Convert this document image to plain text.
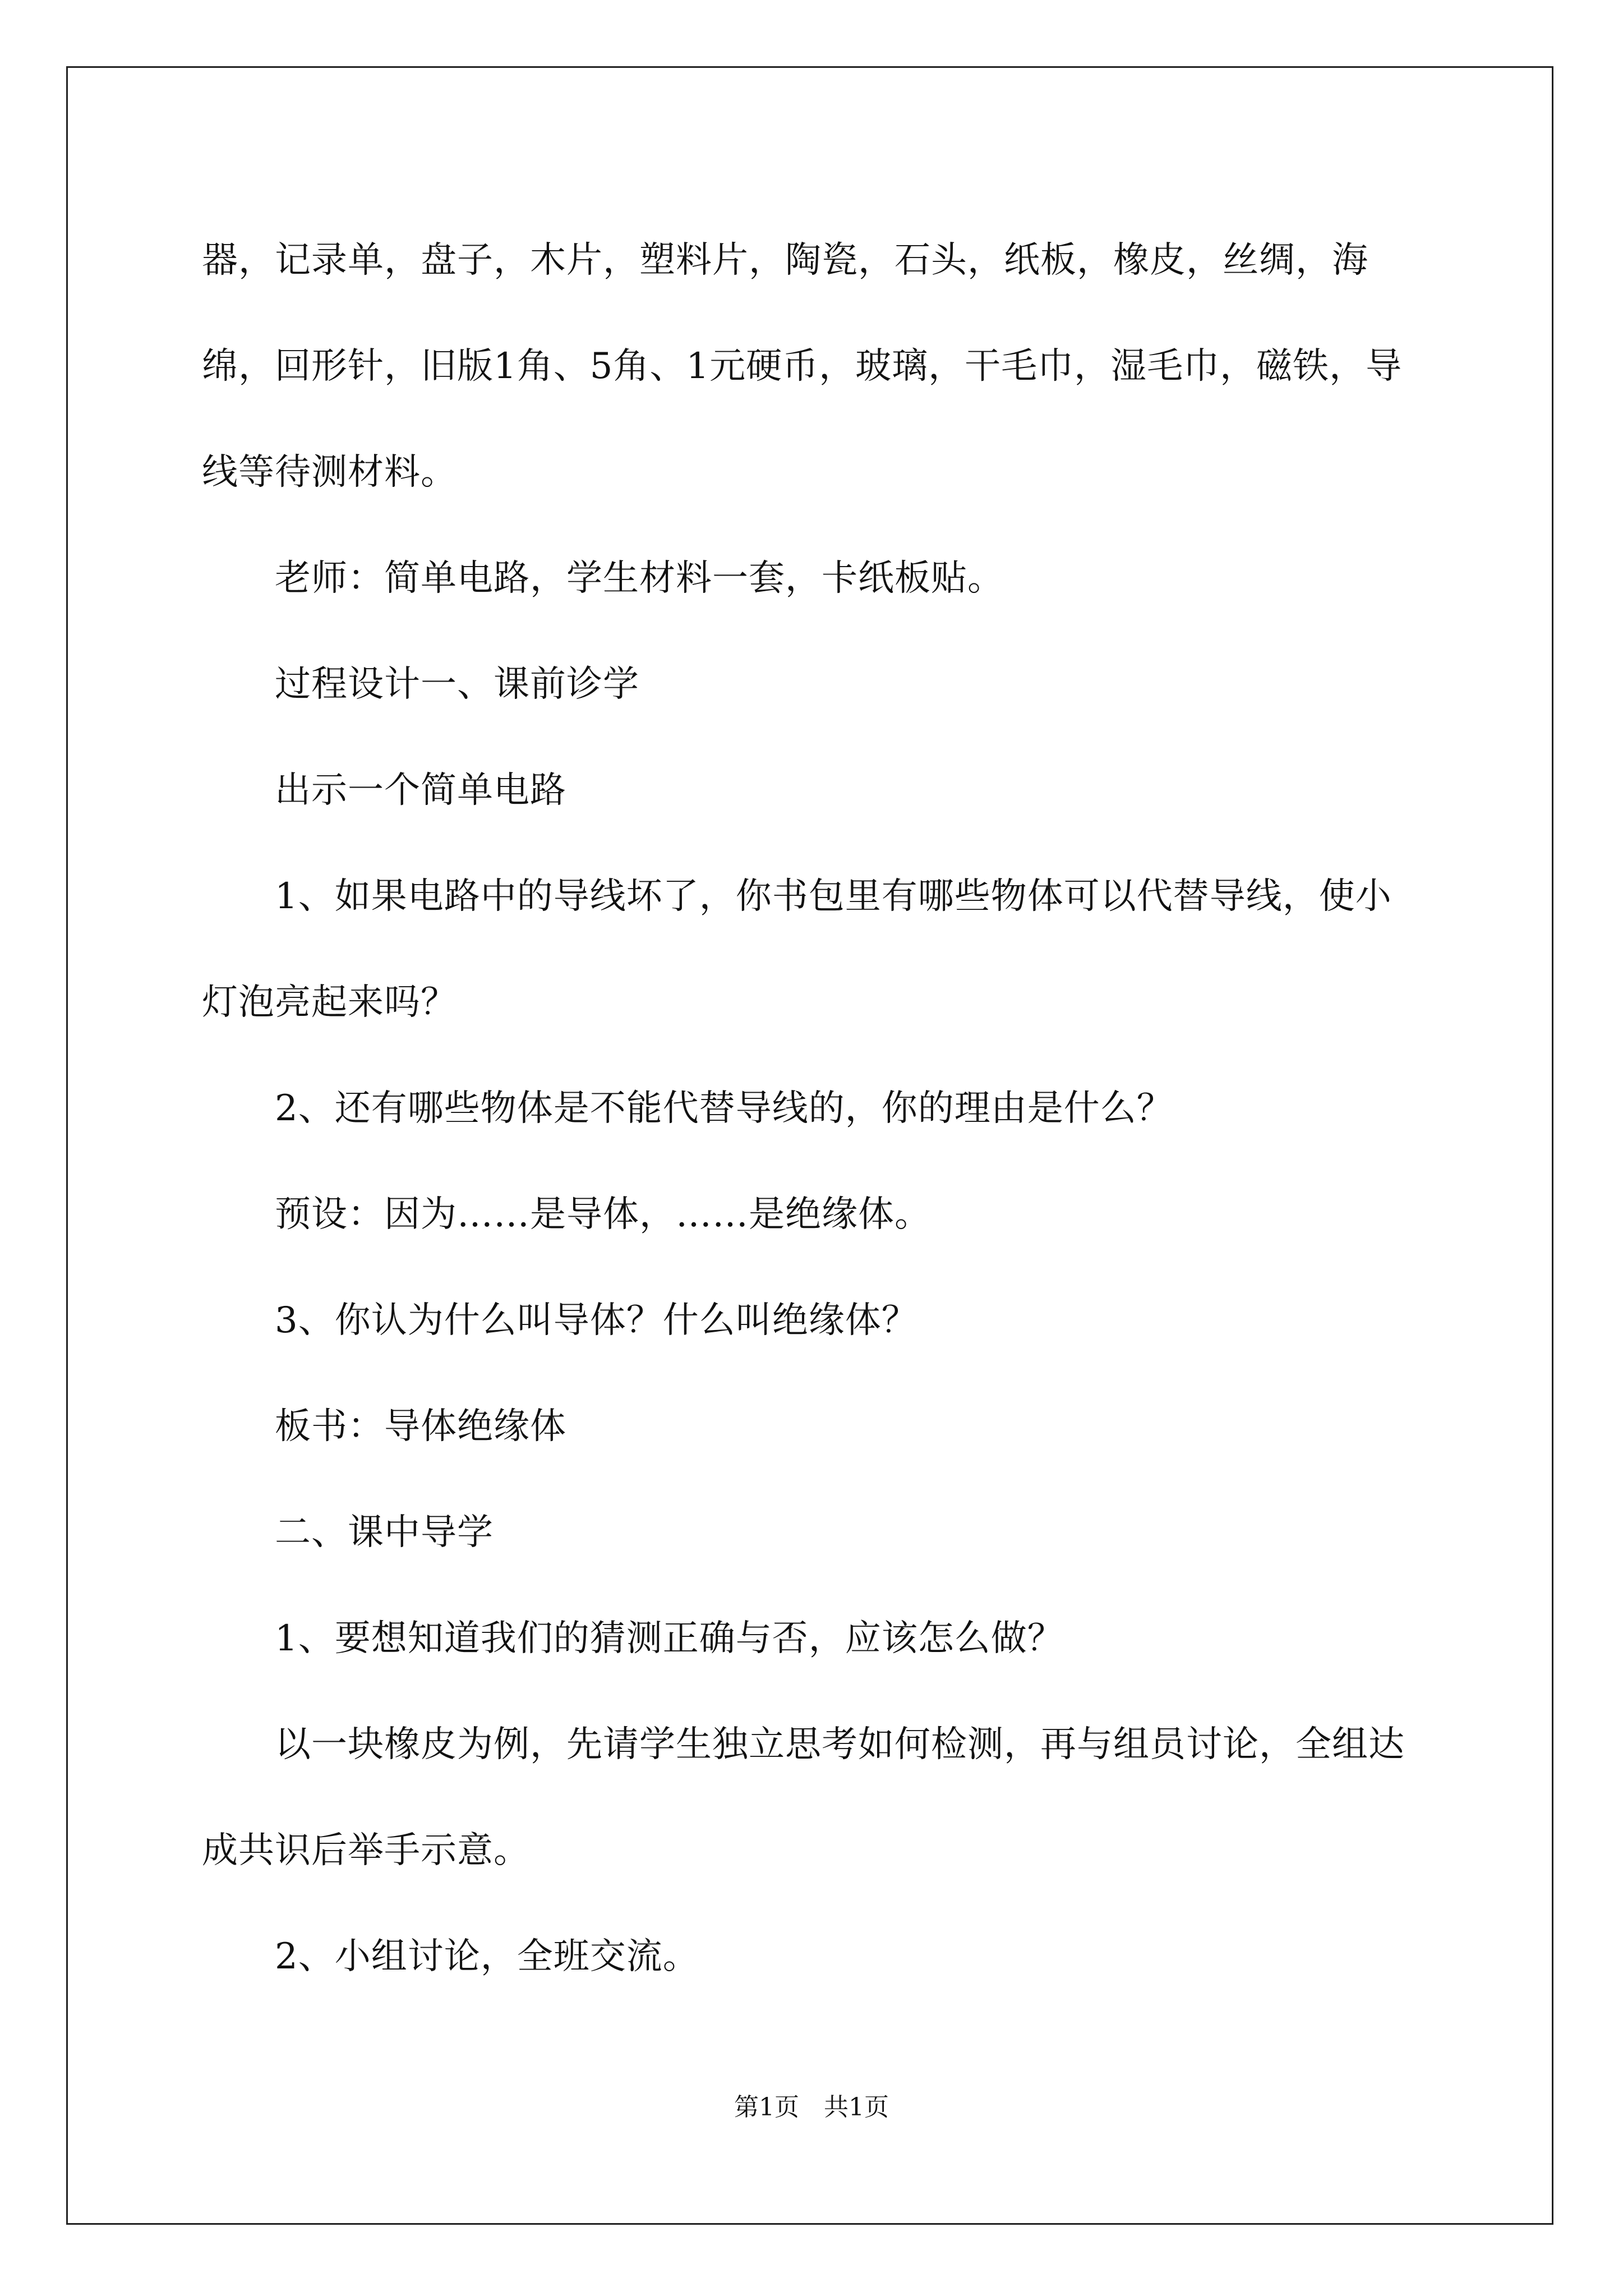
器，记录单，盘子，木片，塑料片，陶瓷，石头，纸板，橡皮，丝绸，海绵，回形针，旧版1角、5角、1元硬币，玻璃，干毛巾，湿毛巾，磁铁，导线等待测材料。

老师：简单电路，学生材料一套，卡纸板贴。

过程设计一、课前诊学

出示一个简单电路

1、如果电路中的导线坏了，你书包里有哪些物体可以代替导线，使小灯泡亮起来吗？

2、还有哪些物体是不能代替导线的，你的理由是什么？

预设：因为……是导体，……是绝缘体。

3、你认为什么叫导体？什么叫绝缘体？

板书：导体绝缘体

二、课中导学

1、要想知道我们的猜测正确与否，应该怎么做？

以一块橡皮为例，先请学生独立思考如何检测，再与组员讨论，全组达成共识后举手示意。

2、小组讨论，全班交流。

第1页　共1页
